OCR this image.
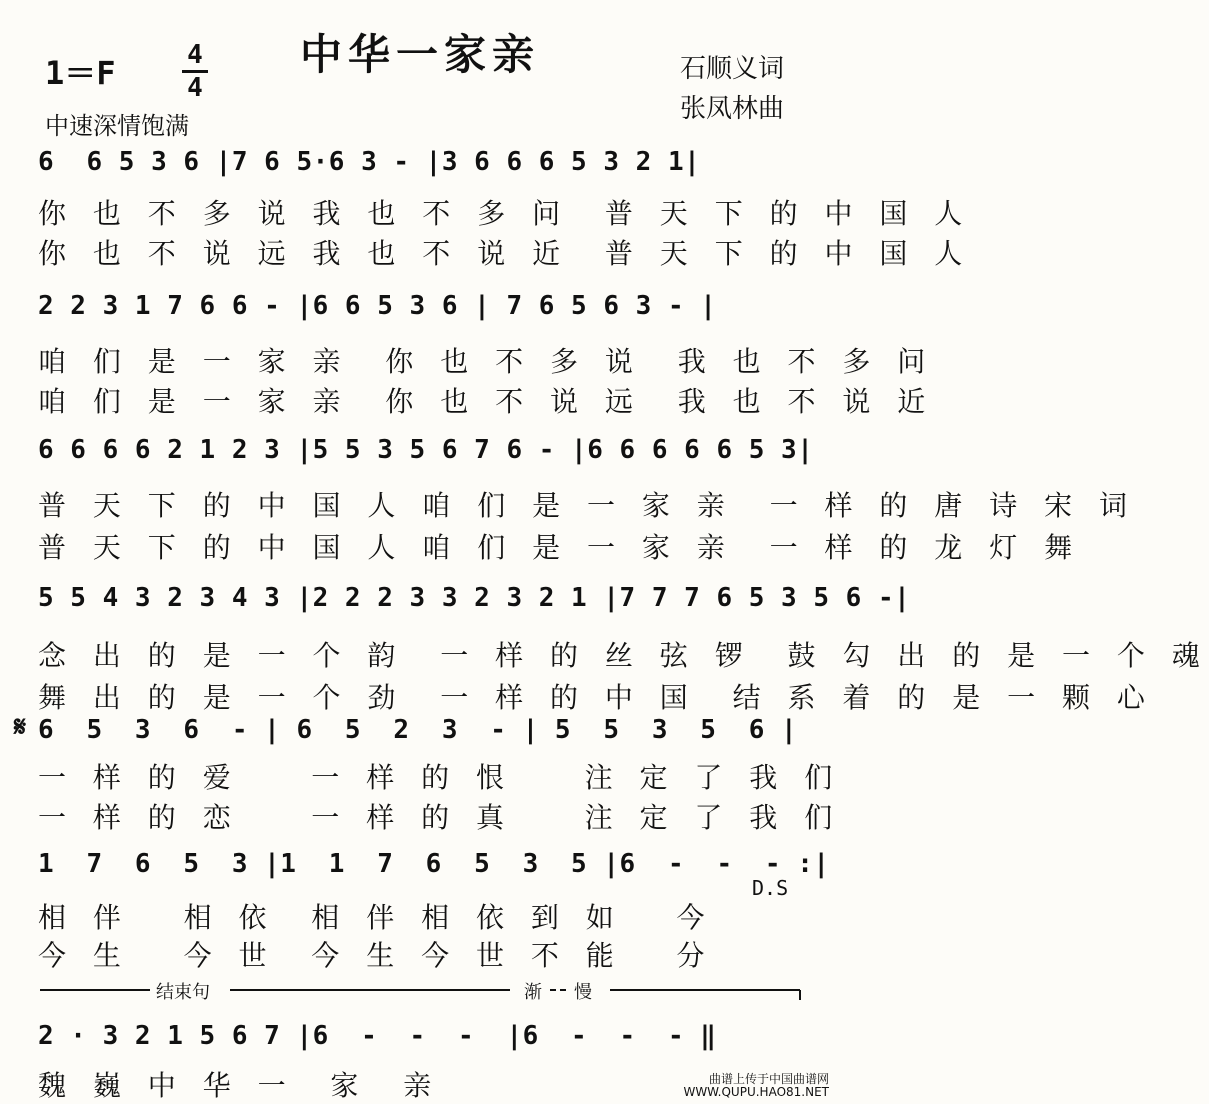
中华一家亲
1＝F	4
4
中速深情饱满
石顺义词
张凤林曲
6  6 5 3 6 |7 6 5·6 3 - |3 6 6 6 5 3 2 1|
你 也 不 多 说 我 也 不 多 问  普 天 下 的 中 国 人
你 也 不 说 远 我 也 不 说 近  普 天 下 的 中 国 人
2 2 3 1 7 6 6 - |6 6 5 3 6 | 7 6 5 6 3 - |
咱 们 是 一 家 亲  你 也 不 多 说  我 也 不 多 问
咱 们 是 一 家 亲  你 也 不 说 远  我 也 不 说 近
6 6 6 6 2 1 2 3 |5 5 3 5 6 7 6 - |6 6 6 6 6 5 3|
普 天 下 的 中 国 人 咱 们 是 一 家 亲  一 样 的 唐 诗 宋 词
普 天 下 的 中 国 人 咱 们 是 一 家 亲  一 样 的 龙 灯 舞
5 5 4 3 2 3 4 3 |2 2 2 3 3 2 3 2 1 |7 7 7 6 5 3 5 6 -|
念 出 的 是 一 个 韵  一 样 的 丝 弦 锣  鼓 勾 出 的 是 一 个 魂
舞 出 的 是 一 个 劲  一 样 的 中 国  结 系 着 的 是 一 颗 心
𝄋 6  5  3  6  - | 6  5  2  3  - | 5  5  3  5  6 |
一 样 的 爱    一 样 的 恨    注 定 了 我 们
一 样 的 恋    一 样 的 真    注 定 了 我 们
1  7  6  5  3 |1  1  7  6  5  3  5 |6  -  -  - :|
D.S
相 伴   相 依  相 伴 相 依 到 如   今
今 生   今 世  今 生 今 世 不 能   分
结束句	渐	慢
2 · 3 2 1 5 6 7 |6  -  -  -  |6  -  -  - ‖
魏 巍 中 华 一  家  亲	曲谱上传于中国曲谱网
WWW.QUPU.HAO81.NET
